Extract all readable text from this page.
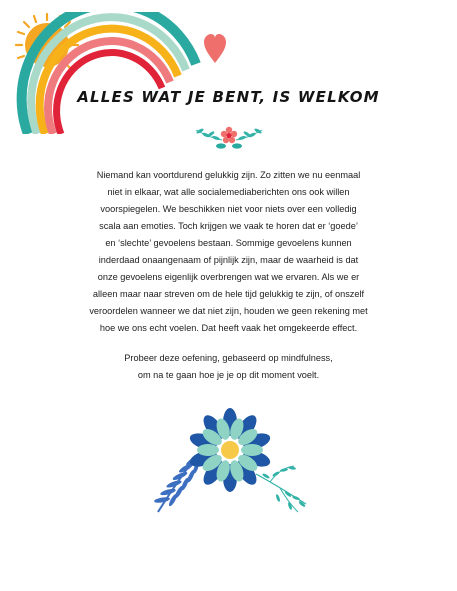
ALLES WAT JE BENT, IS WELKOM

Niemand kan voortdurend gelukkig zijn. Zo zitten we nu eenmaal
niet in elkaar, wat alle socialemediaberichten ons ook willen
voorspiegelen. We beschikken niet voor niets over een volledig
scala aan emoties. Toch krijgen we vaak te horen dat er ‘goede’
en ‘slechte’ gevoelens bestaan. Sommige gevoelens kunnen
inderdaad onaangenaam of pijnlijk zijn, maar de waarheid is dat
onze gevoelens eigenlijk overbrengen wat we ervaren. Als we er
alleen maar naar streven om de hele tijd gelukkig te zijn, of onszelf
veroordelen wanneer we dat niet zijn, houden we geen rekening met
hoe we ons echt voelen. Dat heeft vaak het omgekeerde effect.

Probeer deze oefening, gebaseerd op mindfulness,
om na te gaan hoe je je op dit moment voelt.
